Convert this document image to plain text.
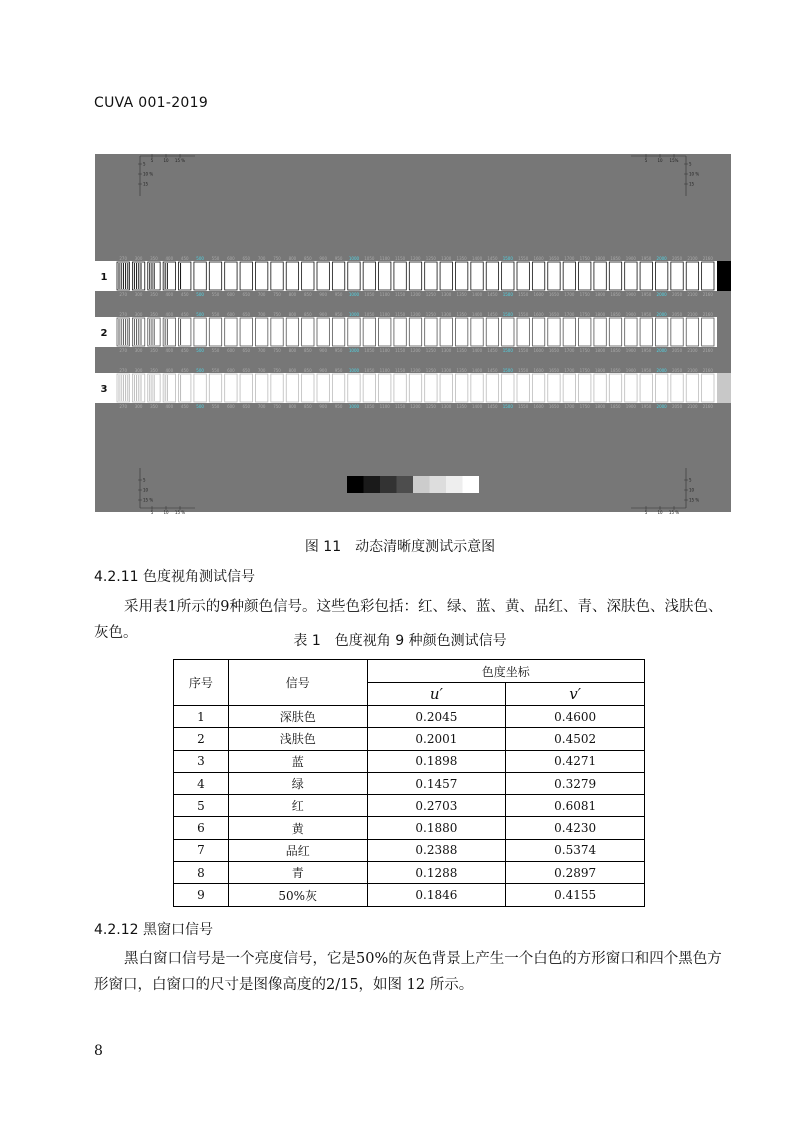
CUVA 001-2019
1
270
270
300
300
350
350
400
400
450
450
500
500
550
550
600
600
650
650
700
700
750
750
800
800
850
850
900
900
950
950
1000
1000
1050
1050
1100
1100
1150
1150
1200
1200
1250
1250
1300
1300
1350
1350
1400
1400
1450
1450
1500
1500
1550
1550
1600
1600
1650
1650
1700
1700
1750
1750
1800
1800
1850
1850
1900
1900
1950
1950
2000
2000
2050
2050
2100
2100
2160
2160
2
270
270
300
300
350
350
400
400
450
450
500
500
550
550
600
600
650
650
700
700
750
750
800
800
850
850
900
900
950
950
1000
1000
1050
1050
1100
1100
1150
1150
1200
1200
1250
1250
1300
1300
1350
1350
1400
1400
1450
1450
1500
1500
1550
1550
1600
1600
1650
1650
1700
1700
1750
1750
1800
1800
1850
1850
1900
1900
1950
1950
2000
2000
2050
2050
2100
2100
2160
2160
3
270
270
300
300
350
350
400
400
450
450
500
500
550
550
600
600
650
650
700
700
750
750
800
800
850
850
900
900
950
950
1000
1000
1050
1050
1100
1100
1150
1150
1200
1200
1250
1250
1300
1300
1350
1350
1400
1400
1450
1450
1500
1500
1550
1550
1600
1600
1650
1650
1700
1700
1750
1750
1800
1800
1850
1850
1900
1900
1950
1950
2000
2000
2050
2050
2100
2100
2160
2160
5
10 %
15
5	10 15 %
5
10 %
15
15%
10
5
15 %
10
5
5	10 15 %
15 %
10
5
15 %
10
5
图 11　动态清晰度测试示意图
4.2.11 色度视角测试信号
采用表1所示的9种颜色信号。这些色彩包括：红、绿、蓝、黄、品红、青、深肤色、浅肤色、灰色。	表 1　色度视角 9 种颜色测试信号
序号	信号	色度坐标	
		u′	v′
1	深肤色	0.2045	0.4600
2	浅肤色	0.2001	0.4502
3	蓝	0.1898	0.4271
4	绿	0.1457	0.3279
5	红	0.2703	0.6081
6	黄	0.1880	0.4230
7	品红	0.2388	0.5374
8	青	0.1288	0.2897
9	50%灰	0.1846	0.4155
4.2.12 黑窗口信号
黑白窗口信号是一个亮度信号，它是50%的灰色背景上产生一个白色的方形窗口和四个黑色方形窗口，白窗口的尺寸是图像高度的2/15，如图 12 所示。
8
